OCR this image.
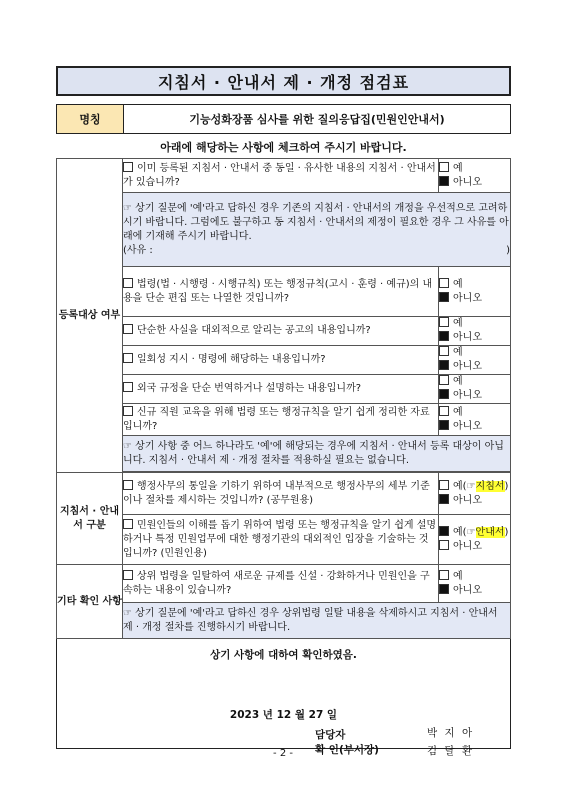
지침서 · 안내서 제 · 개정 점검표
명칭	기능성화장품 심사를 위한 질의응답집(민원인안내서)
아래에 해당하는 사항에 체크하여 주시기 바랍니다.
등록대상 여부	이미 등록된 지침서 · 안내서 중 동일 · 유사한 내용의 지침서 · 안내서가 있습니까?	예
아니오

	☞ 상기 질문에 '예'라고 답하신 경우 기존의 지침서 · 안내서의 개정을 우선적으로 고려하시기 바랍니다. 그럼에도 불구하고 동 지침서 · 안내서의 제정이 필요한 경우 그 사유를 아래에 기재해 주시기 바랍니다.

(사유 : )	

	법령(법 · 시행령 · 시행규칙) 또는 행정규칙(고시 · 훈령 · 예규)의 내용을 단순 편집 또는 나열한 것입니까?	예
아니오

	단순한 사실을 대외적으로 알리는 공고의 내용입니까?	예
아니오

	일회성 지시 · 명령에 해당하는 내용입니까?	예
아니오

	외국 규정을 단순 번역하거나 설명하는 내용입니까?	예
아니오

	신규 직원 교육을 위해 법령 또는 행정규칙을 알기 쉽게 정리한 자료입니까?	예
아니오

	☞ 상기 사항 중 어느 하나라도 '예'에 해당되는 경우에 지침서 · 안내서 등록 대상이 아닙니다. 지침서 · 안내서 제 · 개정 절차를 적용하실 필요는 없습니다.	

지침서 · 안내서 구분	행정사무의 통일을 기하기 위하여 내부적으로 행정사무의 세부 기준이나 절차를 제시하는 것입니까? (공무원용)	예(☞지침서)
아니오

	민원인들의 이해를 돕기 위하여 법령 또는 행정규칙을 알기 쉽게 설명하거나 특정 민원업무에 대한 행정기관의 대외적인 입장을 기술하는 것입니까? (민원인용)	예(☞안내서)
아니오

기타 확인 사항	상위 법령을 일탈하여 새로운 규제를 신설 · 강화하거나 민원인을 구속하는 내용이 있습니까?	예
아니오

	☞ 상기 질문에 '예'라고 답하신 경우 상위법령 일탈 내용을 삭제하시고 지침서 · 안내서 제 · 개정 절차를 진행하시기 바랍니다.	
상기 사항에 대하여 확인하였음.
2023 년 12 월 27 일
담당자
확 인(부서장)
박 지 아
김 달 환
- 2 -
